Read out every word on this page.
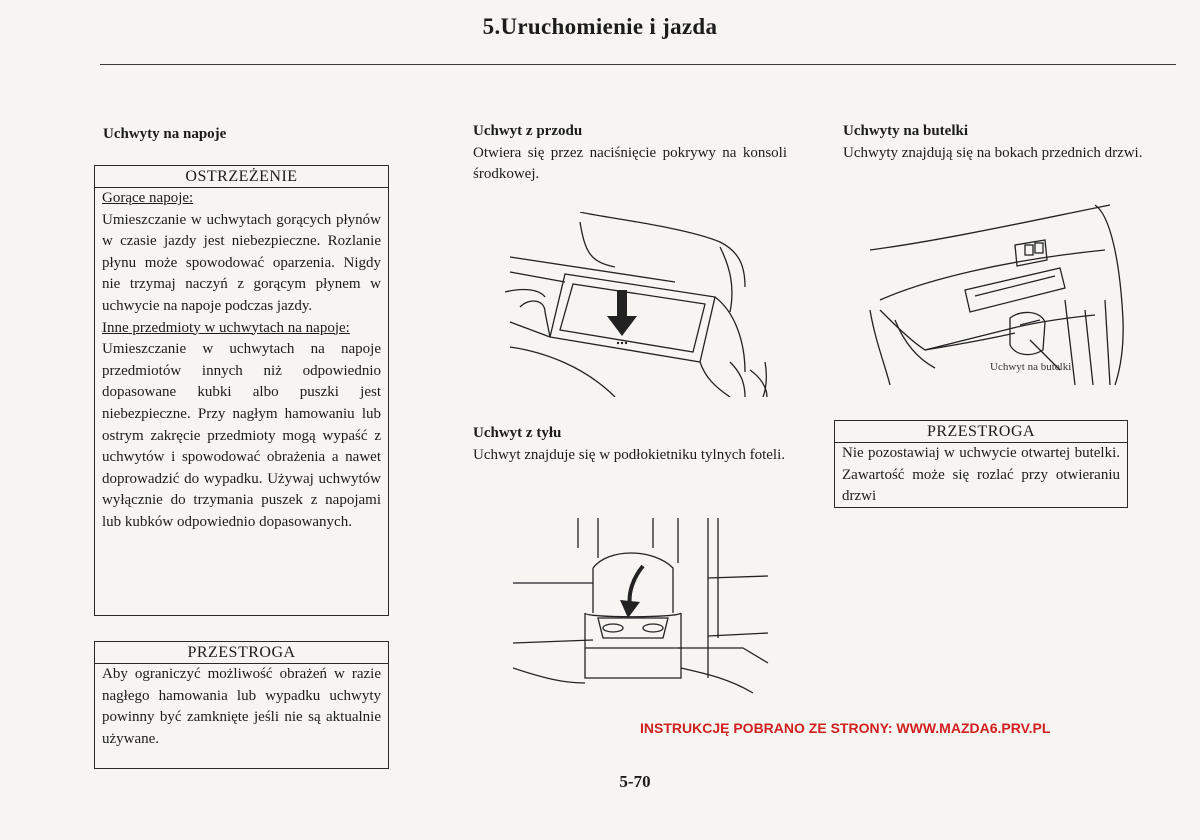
5.Uruchomienie i jazda
Uchwyty na napoje
OSTRZEŻENIE
Gorące napoje:
Umieszczanie w uchwytach gorących płynów w czasie jazdy jest niebezpieczne. Rozlanie płynu może spowodować oparzenia. Nigdy nie trzymaj naczyń z gorącym płynem w uchwycie na napoje podczas jazdy.
Inne przedmioty w uchwytach na napoje:
Umieszczanie w uchwytach na napoje przedmiotów innych niż odpowiednio dopasowane kubki albo puszki jest niebezpieczne. Przy nagłym hamowaniu lub ostrym zakręcie przedmioty mogą wypaść z uchwytów i spowodować obrażenia a nawet doprowadzić do wypadku. Używaj uchwytów wyłącznie do trzymania puszek z napojami lub kubków odpowiednio dopasowanych.
PRZESTROGA
Aby ograniczyć możliwość obrażeń w razie nagłego hamowania lub wypadku uchwyty powinny być zamknięte jeśli nie są aktualnie używane.
Uchwyt z przodu
Otwiera się przez naciśnięcie pokrywy na konsoli środkowej.
Uchwyt z tyłu
Uchwyt znajduje się w podłokietniku tylnych foteli.
Uchwyty na butelki
Uchwyty znajdują się na bokach przednich drzwi.
Uchwyt na butelki
PRZESTROGA
Nie pozostawiaj w uchwycie otwartej butelki. Zawartość może się rozlać przy otwieraniu drzwi
INSTRUKCJĘ POBRANO ZE STRONY: WWW.MAZDA6.PRV.PL
5-70
